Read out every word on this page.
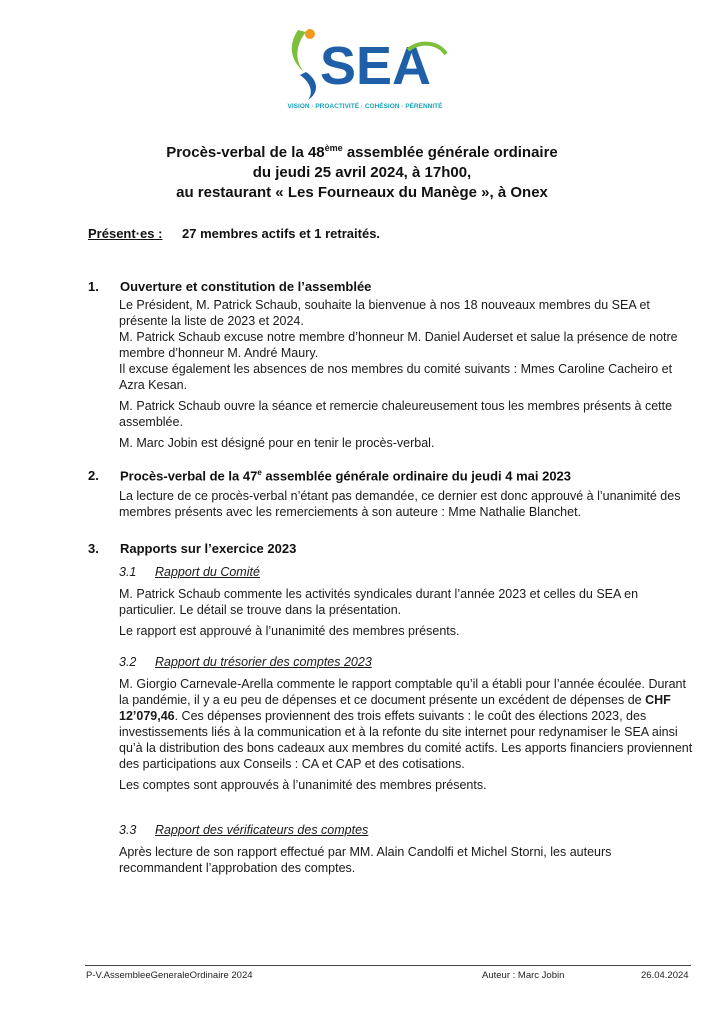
SEA
VISION · PROACTIVITÉ · COHÉSION · PÉRENNITÉ
Procès-verbal de la 48ème assemblée générale ordinaire
du jeudi 25 avril 2024, à 17h00,
au restaurant « Les Fourneaux du Manège », à Onex
Présent·es : 27 membres actifs et 1 retraités.
1. Ouverture et constitution de l’assemblée

Le Président, M. Patrick Schaub, souhaite la bienvenue à nos 18 nouveaux membres du SEA et présente la liste de 2023 et 2024.

M. Patrick Schaub excuse notre membre d’honneur M. Daniel Auderset et salue la présence de notre membre d’honneur M. André Maury.

Il excuse également les absences de nos membres du comité suivants : Mmes Caroline Cacheiro et Azra Kesan.

M. Patrick Schaub ouvre la séance et remercie chaleureusement tous les membres présents à cette assemblée.

M. Marc Jobin est désigné pour en tenir le procès-verbal.

2. Procès-verbal de la 47e assemblée générale ordinaire du jeudi 4 mai 2023

La lecture de ce procès-verbal n’étant pas demandée, ce dernier est donc approuvé à l’unanimité des membres présents avec les remerciements à son auteure : Mme Nathalie Blanchet.

3. Rapports sur l’exercice 2023
3.1 Rapport du Comité

M. Patrick Schaub commente les activités syndicales durant l’année 2023 et celles du SEA en particulier. Le détail se trouve dans la présentation.

Le rapport est approuvé à l’unanimité des membres présents.

3.2 Rapport du trésorier des comptes 2023

M. Giorgio Carnevale-Arella commente le rapport comptable qu’il a établi pour l’année écoulée. Durant la pandémie, il y a eu peu de dépenses et ce document présente un excédent de dépenses de CHF 12’079,46. Ces dépenses proviennent des trois effets suivants : le coût des élections 2023, des investissements liés à la communication et à la refonte du site internet pour redynamiser le SEA ainsi qu’à la distribution des bons cadeaux aux membres du comité actifs. Les apports financiers proviennent des participations aux Conseils : CA et CAP et des cotisations.

Les comptes sont approuvés à l’unanimité des membres présents.

3.3 Rapport des vérificateurs des comptes

Après lecture de son rapport effectué par MM. Alain Candolfi et Michel Storni, les auteurs recommandent l’approbation des comptes.

P-V.AssembleeGeneraleOrdinaire 2024	Auteur : Marc Jobin	26.04.2024
